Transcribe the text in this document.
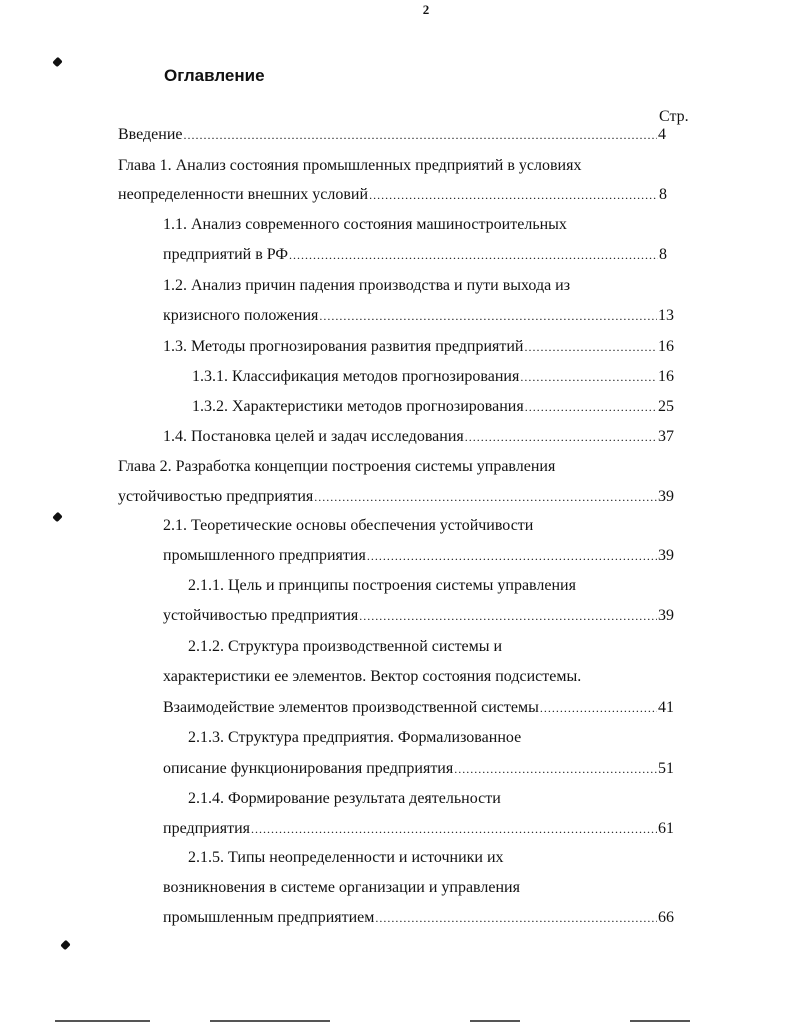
2
Оглавление
Стр.
Введение .....	4
Глава 1. Анализ состояния промышленных предприятий в условиях
неопределенности внешних условий .....	8
1.1. Анализ современного состояния машиностроительных
предприятий в РФ .....	8
1.2. Анализ причин падения производства и пути выхода из
кризисного положения .....	13
1.3. Методы прогнозирования развития предприятий .....	16
1.3.1. Классификация методов прогнозирования .....	16
1.3.2. Характеристики методов прогнозирования .....	25
1.4. Постановка целей и задач исследования .....	37
Глава 2. Разработка концепции построения системы управления
устойчивостью предприятия .....	39
2.1. Теоретические основы обеспечения устойчивости
промышленного предприятия .....	39
2.1.1. Цель и принципы построения системы управления
устойчивостью предприятия .....	39
2.1.2. Структура производственной системы и
характеристики ее элементов. Вектор состояния подсистемы.
Взаимодействие элементов производственной системы .....	41
2.1.3. Структура предприятия. Формализованное
описание функционирования предприятия .....	51
2.1.4. Формирование результата деятельности
предприятия .....	61
2.1.5. Типы неопределенности и источники их
возникновения в системе организации и управления
промышленным предприятием .....	66
